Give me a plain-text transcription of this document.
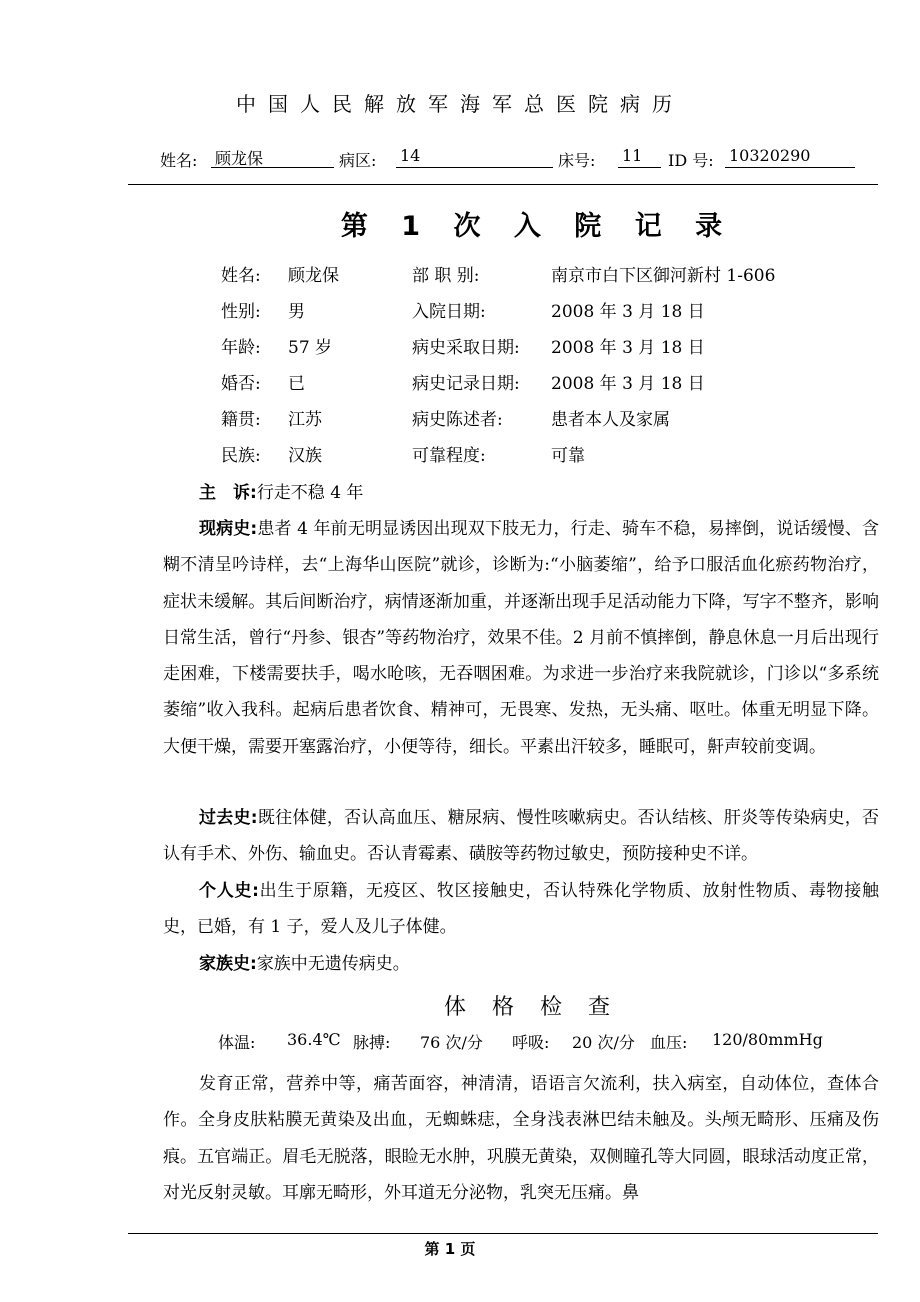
中国人民解放军海军总医院病历
姓名: 顾龙保	病区: 14	床号: 11	ID 号: 10320290
第 1 次 入 院 记 录
姓名: 顾龙保	部 职 别:	南京市白下区御河新村 1-606
性别: 男	入院日期:	2008 年 3 月 18 日
年龄: 57 岁	病史采取日期: 2008 年 3 月 18 日
婚否: 已	病史记录日期: 2008 年 3 月 18 日
籍贯: 江苏	病史陈述者:	患者本人及家属
民族: 汉族	可靠程度:	可靠

主　诉:行走不稳 4 年

现病史:患者 4 年前无明显诱因出现双下肢无力，行走、骑车不稳，易摔倒，说话缓慢、含糊不清呈吟诗样，去“上海华山医院”就诊，诊断为:“小脑萎缩”，给予口服活血化瘀药物治疗，症状未缓解。其后间断治疗，病情逐渐加重，并逐渐出现手足活动能力下降，写字不整齐，影响日常生活，曾行“丹参、银杏”等药物治疗，效果不佳。2 月前不慎摔倒，静息休息一月后出现行走困难，下楼需要扶手，喝水呛咳，无吞咽困难。为求进一步治疗来我院就诊，门诊以“多系统萎缩”收入我科。起病后患者饮食、精神可，无畏寒、发热，无头痛、呕吐。体重无明显下降。大便干燥，需要开塞露治疗，小便等待，细长。平素出汗较多，睡眠可，鼾声较前变调。

过去史:既往体健，否认高血压、糖尿病、慢性咳嗽病史。否认结核、肝炎等传染病史，否认有手术、外伤、输血史。否认青霉素、磺胺等药物过敏史，预防接种史不详。

个人史:出生于原籍，无疫区、牧区接触史，否认特殊化学物质、放射性物质、毒物接触史，已婚，有 1 子，爱人及儿子体健。

家族史:家族中无遗传病史。

体格检查
体温: 36.4℃ 脉搏: 76 次/分 呼吸: 20 次/分 血压: 120/80mmHg

发育正常，营养中等，痛苦面容，神清清，语语言欠流利，扶入病室，自动体位，查体合作。全身皮肤粘膜无黄染及出血，无蜘蛛痣，全身浅表淋巴结未触及。头颅无畸形、压痛及伤痕。五官端正。眉毛无脱落，眼睑无水肿，巩膜无黄染，双侧瞳孔等大同圆，眼球活动度正常，对光反射灵敏。耳廓无畸形，外耳道无分泌物，乳突无压痛。鼻

第 1 页
